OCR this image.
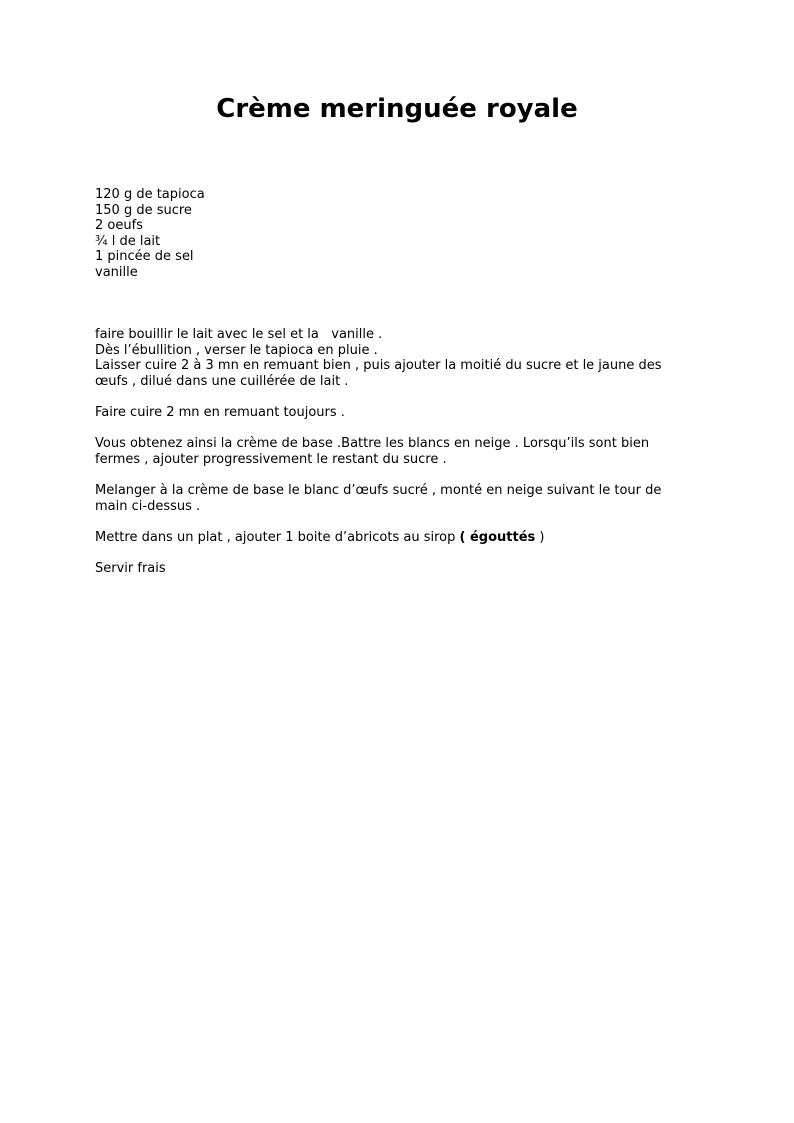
Crème meringuée royale
120 g de tapioca
150 g de sucre
2 oeufs
¾ l de lait
1 pincée de sel
vanille
faire bouillir le lait avec le sel et la   vanille .
Dès l’ébullition , verser le tapioca en pluie .
Laisser cuire 2 à 3 mn en remuant bien , puis ajouter la moitié du sucre et le jaune des
œufs , dilué dans une cuillérée de lait .
Faire cuire 2 mn en remuant toujours .
Vous obtenez ainsi la crème de base .Battre les blancs en neige . Lorsqu’ils sont bien
fermes , ajouter progressivement le restant du sucre .
Melanger à la crème de base le blanc d’œufs sucré , monté en neige suivant le tour de
main ci-dessus .
Mettre dans un plat , ajouter 1 boite d’abricots au sirop ( égouttés )
Servir frais
